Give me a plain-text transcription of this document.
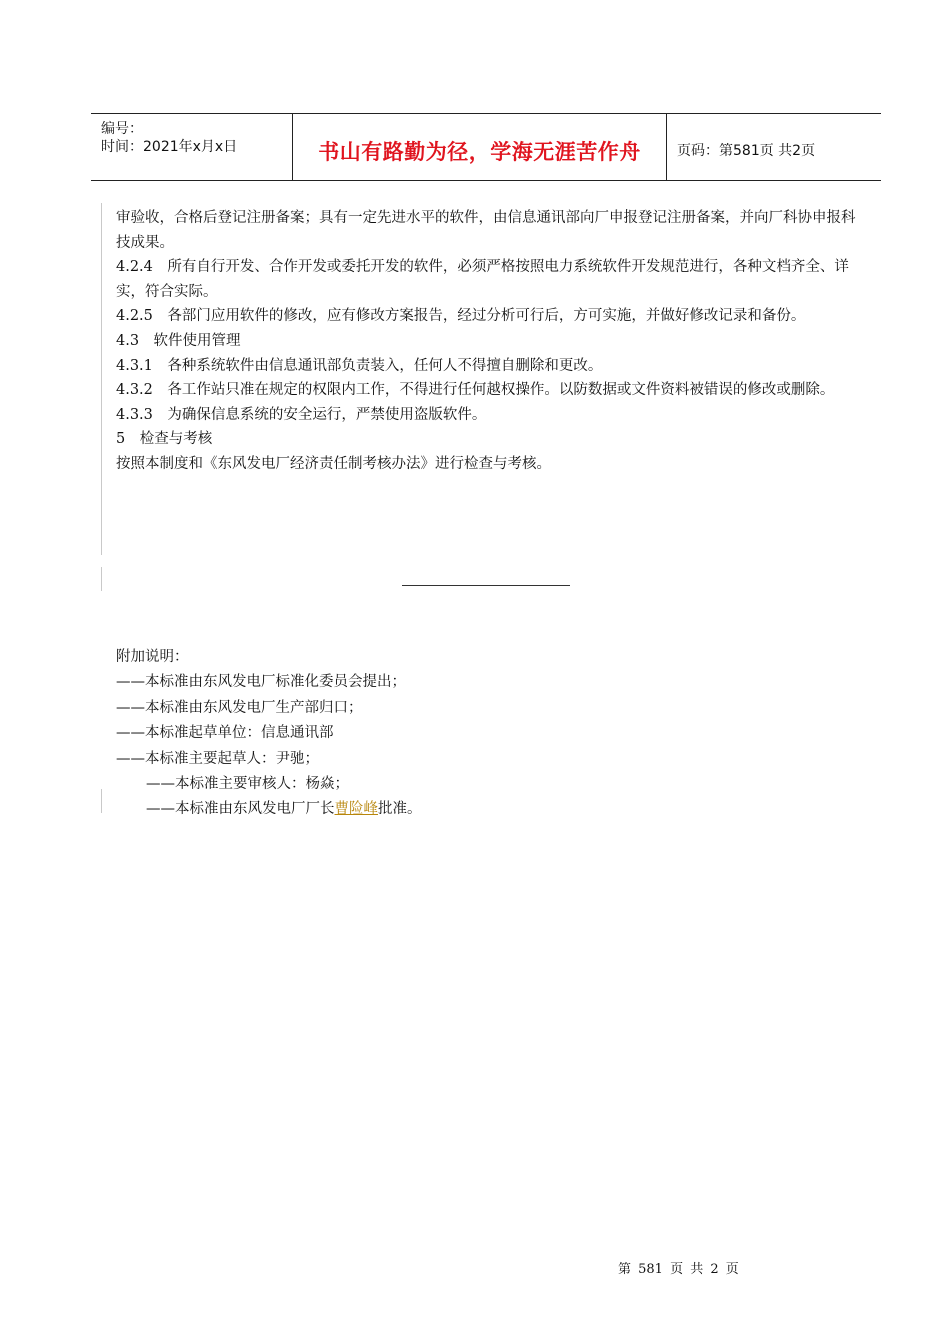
编号：
时间：2021年x月x日	书山有路勤为径，学海无涯苦作舟	页码：第581页 共2页

审验收，合格后登记注册备案；具有一定先进水平的软件，由信息通讯部向厂申报登记注册备案，并向厂科协申报科技成果。

4.2.4　所有自行开发、合作开发或委托开发的软件，必须严格按照电力系统软件开发规范进行，各种文档齐全、详实，符合实际。

4.2.5　各部门应用软件的修改，应有修改方案报告，经过分析可行后，方可实施，并做好修改记录和备份。

4.3　软件使用管理

4.3.1　各种系统软件由信息通讯部负责装入，任何人不得擅自删除和更改。

4.3.2　各工作站只准在规定的权限内工作，不得进行任何越权操作。以防数据或文件资料被错误的修改或删除。

4.3.3　为确保信息系统的安全运行，严禁使用盗版软件。

5　检查与考核

按照本制度和《东风发电厂经济责任制考核办法》进行检查与考核。

附加说明：

——本标准由东风发电厂标准化委员会提出；

——本标准由东风发电厂生产部归口；

——本标准起草单位：信息通讯部

——本标准主要起草人：尹驰；

——本标准主要审核人：杨焱；

——本标准由东风发电厂厂长曹险峰批准。

第 581 页 共 2 页
